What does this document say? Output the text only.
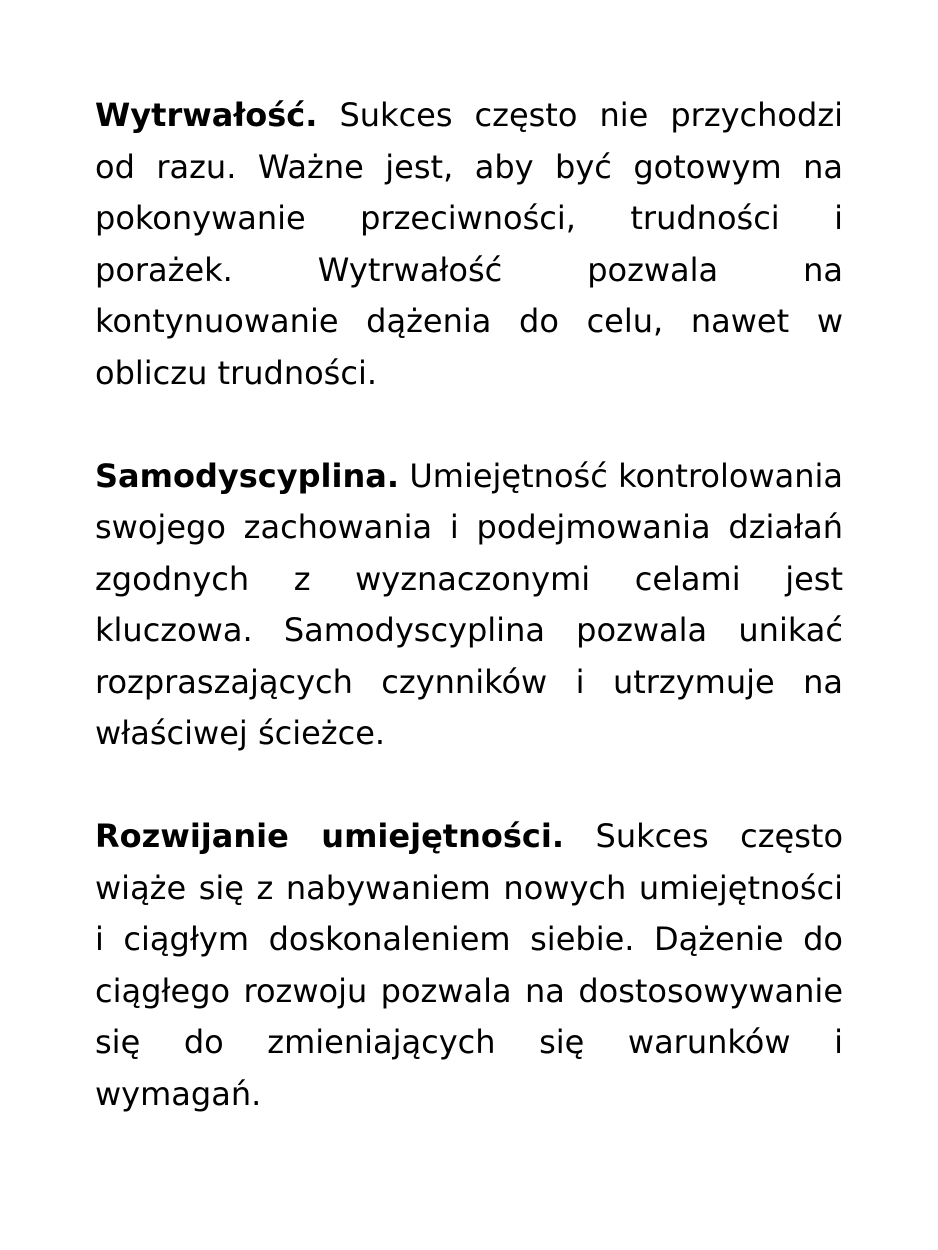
Wytrwałość. Sukces często nie przychodzi od razu. Ważne jest, aby być gotowym na pokonywanie przeciwności, trudności i porażek. Wytrwałość pozwala na kontynuowanie dążenia do celu, nawet w obliczu trudności.

Samodyscyplina. Umiejętność kontrolowania swojego zachowania i podejmowania działań zgodnych z wyznaczonymi celami jest kluczowa. Samodyscyplina pozwala unikać rozpraszających czynników i utrzymuje na właściwej ścieżce.

Rozwijanie umiejętności. Sukces często wiąże się z nabywaniem nowych umiejętności i ciągłym doskonaleniem siebie. Dążenie do ciągłego rozwoju pozwala na dostosowywanie się do zmieniających się warunków i wymagań.
